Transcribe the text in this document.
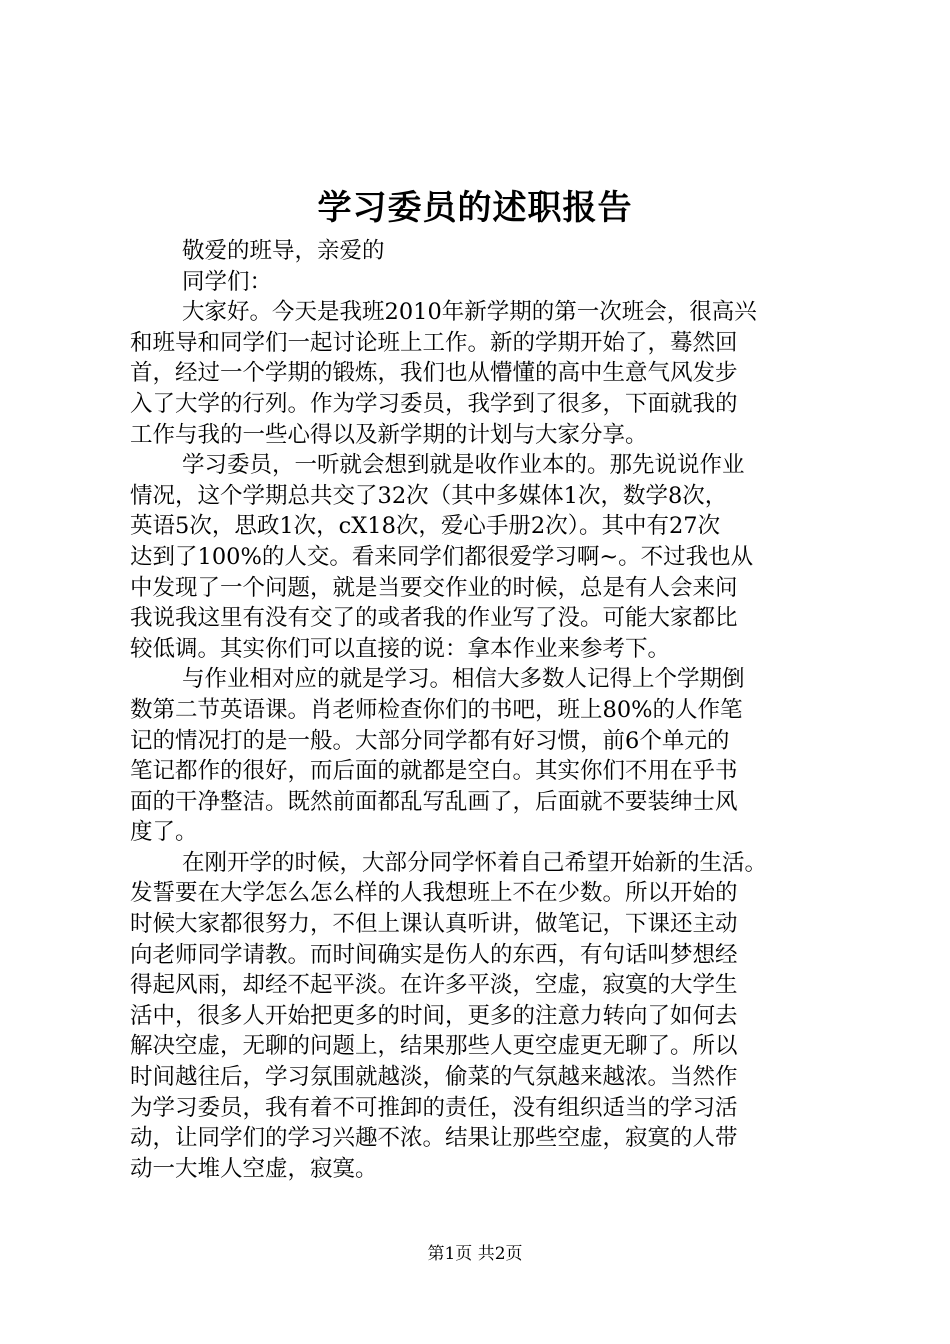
学习委员的述职报告
敬爱的班导，亲爱的
同学们：
大家好。今天是我班2010年新学期的第一次班会，很高兴
和班导和同学们一起讨论班上工作。新的学期开始了，蓦然回
首，经过一个学期的锻炼，我们也从懵懂的高中生意气风发步
入了大学的行列。作为学习委员，我学到了很多，下面就我的
工作与我的一些心得以及新学期的计划与大家分享。
学习委员，一听就会想到就是收作业本的。那先说说作业
情况，这个学期总共交了32次（其中多媒体1次，数学8次，
英语5次，思政1次，cX18次，爱心手册2次）。其中有27次
达到了100%的人交。看来同学们都很爱学习啊~。不过我也从
中发现了一个问题，就是当要交作业的时候，总是有人会来问
我说我这里有没有交了的或者我的作业写了没。可能大家都比
较低调。其实你们可以直接的说：拿本作业来参考下。
与作业相对应的就是学习。相信大多数人记得上个学期倒
数第二节英语课。肖老师检查你们的书吧，班上80%的人作笔
记的情况打的是一般。大部分同学都有好习惯，前6个单元的
笔记都作的很好，而后面的就都是空白。其实你们不用在乎书
面的干净整洁。既然前面都乱写乱画了，后面就不要装绅士风
度了。
在刚开学的时候，大部分同学怀着自己希望开始新的生活。
发誓要在大学怎么怎么样的人我想班上不在少数。所以开始的
时候大家都很努力，不但上课认真听讲，做笔记，下课还主动
向老师同学请教。而时间确实是伤人的东西，有句话叫梦想经
得起风雨，却经不起平淡。在许多平淡，空虚，寂寞的大学生
活中，很多人开始把更多的时间，更多的注意力转向了如何去
解决空虚，无聊的问题上，结果那些人更空虚更无聊了。所以
时间越往后，学习氛围就越淡，偷菜的气氛越来越浓。当然作
为学习委员，我有着不可推卸的责任，没有组织适当的学习活
动，让同学们的学习兴趣不浓。结果让那些空虚，寂寞的人带
动一大堆人空虚，寂寞。
第1页 共2页
